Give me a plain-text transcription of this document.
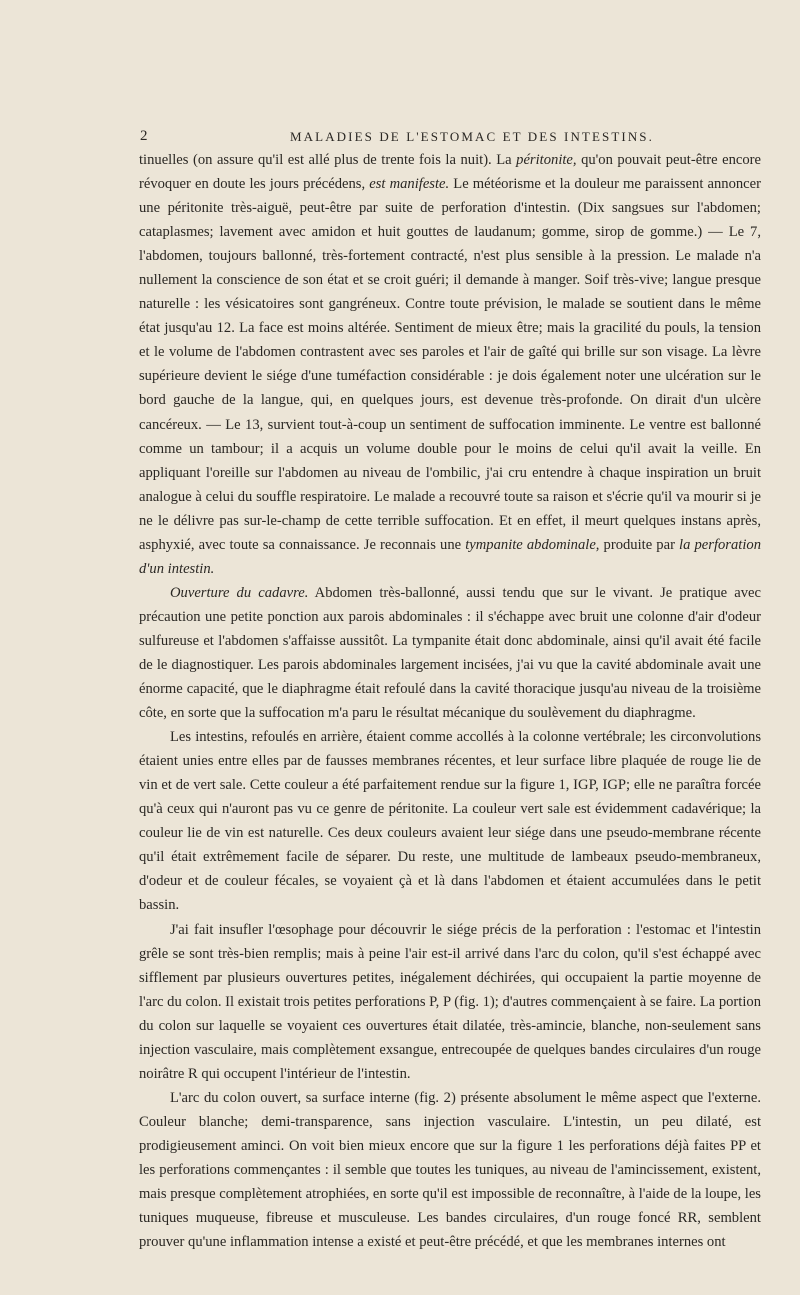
2	MALADIES DE L'ESTOMAC ET DES INTESTINS.

tinuelles (on assure qu'il est allé plus de trente fois la nuit). La péritonite, qu'on pouvait peut-être encore révoquer en doute les jours précédens, est manifeste. Le météorisme et la douleur me paraissent annoncer une péritonite très-aiguë, peut-être par suite de perforation d'intestin. (Dix sangsues sur l'abdomen; cataplasmes; lavement avec amidon et huit gouttes de laudanum; gomme, sirop de gomme.) — Le 7, l'abdomen, toujours ballonné, très-fortement contracté, n'est plus sensible à la pression. Le malade n'a nullement la conscience de son état et se croit guéri; il demande à manger. Soif très-vive; langue presque naturelle : les vésicatoires sont gangréneux. Contre toute prévision, le malade se soutient dans le même état jusqu'au 12. La face est moins altérée. Sentiment de mieux être; mais la gracilité du pouls, la tension et le volume de l'abdomen contrastent avec ses paroles et l'air de gaîté qui brille sur son visage. La lèvre supérieure devient le siége d'une tuméfaction considérable : je dois également noter une ulcération sur le bord gauche de la langue, qui, en quelques jours, est devenue très-profonde. On dirait d'un ulcère cancéreux. — Le 13, survient tout-à-coup un sentiment de suffocation imminente. Le ventre est ballonné comme un tambour; il a acquis un volume double pour le moins de celui qu'il avait la veille. En appliquant l'oreille sur l'abdomen au niveau de l'ombilic, j'ai cru entendre à chaque inspiration un bruit analogue à celui du souffle respiratoire. Le malade a recouvré toute sa raison et s'écrie qu'il va mourir si je ne le délivre pas sur-le-champ de cette terrible suffocation. Et en effet, il meurt quelques instans après, asphyxié, avec toute sa connaissance. Je reconnais une tympanite abdominale, produite par la perforation d'un intestin.

Ouverture du cadavre. Abdomen très-ballonné, aussi tendu que sur le vivant. Je pratique avec précaution une petite ponction aux parois abdominales : il s'échappe avec bruit une colonne d'air d'odeur sulfureuse et l'abdomen s'affaisse aussitôt. La tympanite était donc abdominale, ainsi qu'il avait été facile de le diagnostiquer. Les parois abdominales largement incisées, j'ai vu que la cavité abdominale avait une énorme capacité, que le diaphragme était refoulé dans la cavité thoracique jusqu'au niveau de la troisième côte, en sorte que la suffocation m'a paru le résultat mécanique du soulèvement du diaphragme.

Les intestins, refoulés en arrière, étaient comme accollés à la colonne vertébrale; les circonvolutions étaient unies entre elles par de fausses membranes récentes, et leur surface libre plaquée de rouge lie de vin et de vert sale. Cette couleur a été parfaitement rendue sur la figure 1, IGP, IGP; elle ne paraîtra forcée qu'à ceux qui n'auront pas vu ce genre de péritonite. La couleur vert sale est évidemment cadavérique; la couleur lie de vin est naturelle. Ces deux couleurs avaient leur siége dans une pseudo-membrane récente qu'il était extrêmement facile de séparer. Du reste, une multitude de lambeaux pseudo-membraneux, d'odeur et de couleur fécales, se voyaient çà et là dans l'abdomen et étaient accumulées dans le petit bassin.

J'ai fait insufler l'œsophage pour découvrir le siége précis de la perforation : l'estomac et l'intestin grêle se sont très-bien remplis; mais à peine l'air est-il arrivé dans l'arc du colon, qu'il s'est échappé avec sifflement par plusieurs ouvertures petites, inégalement déchirées, qui occupaient la partie moyenne de l'arc du colon. Il existait trois petites perforations P, P (fig. 1); d'autres commençaient à se faire. La portion du colon sur laquelle se voyaient ces ouvertures était dilatée, très-amincie, blanche, non-seulement sans injection vasculaire, mais complètement exsangue, entrecoupée de quelques bandes circulaires d'un rouge noirâtre R qui occupent l'intérieur de l'intestin.

L'arc du colon ouvert, sa surface interne (fig. 2) présente absolument le même aspect que l'externe. Couleur blanche; demi-transparence, sans injection vasculaire. L'intestin, un peu dilaté, est prodigieusement aminci. On voit bien mieux encore que sur la figure 1 les perforations déjà faites PP et les perforations commençantes : il semble que toutes les tuniques, au niveau de l'amincissement, existent, mais presque complètement atrophiées, en sorte qu'il est impossible de reconnaître, à l'aide de la loupe, les tuniques muqueuse, fibreuse et musculeuse. Les bandes circulaires, d'un rouge foncé RR, semblent prouver qu'une inflammation intense a existé et peut-être précédé, et que les membranes internes ont
